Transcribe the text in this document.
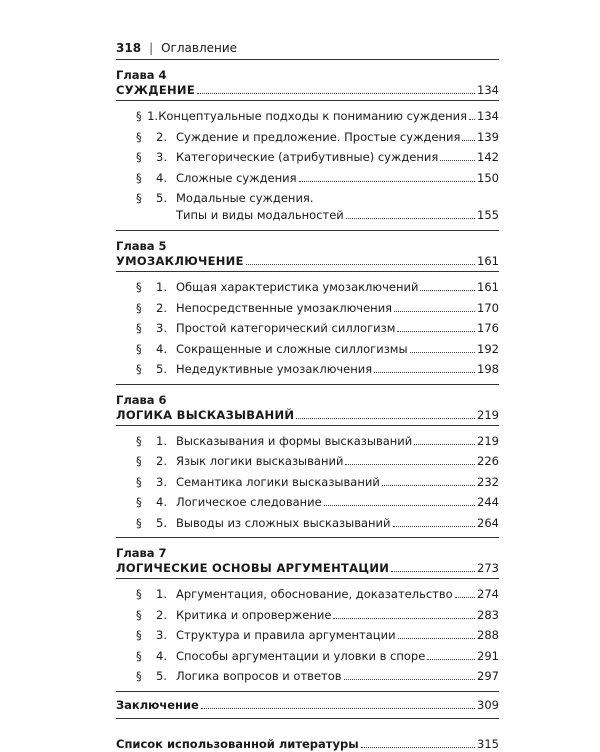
318 | Оглавление
Глава 4
СУЖДЕНИЕ	134
§ 1. Концептуальные подходы к пониманию суждения 134
§	2. Суждение и предложение. Простые суждения 139
§	3. Категорические (атрибутивные) суждения	142
§	4. Сложные суждения	150
§	5. Модальные суждения.
Типы и виды модальностей	155
Глава 5
УМОЗАКЛЮЧЕНИЕ	161
§	1. Общая характеристика умозаключений	161
§	2. Непосредственные умозаключения	170
§	3. Простой категорический силлогизм	176
§	4. Сокращенные и сложные силлогизмы	192
§	5. Недедуктивные умозаключения	198
Глава 6
ЛОГИКА ВЫСКАЗЫВАНИЙ	219
§	1. Высказывания и формы высказываний	219
§	2. Язык логики высказываний	226
§	3. Семантика логики высказываний	232
§	4. Логическое следование	244
§	5. Выводы из сложных высказываний	264
Глава 7
ЛОГИЧЕСКИЕ ОСНОВЫ АРГУМЕНТАЦИИ	273
§	1. Аргументация, обоснование, доказательство 274
§	2. Критика и опровержение	283
§	3. Структура и правила аргументации	288
§	4. Способы аргументации и уловки в споре	291
§	5. Логика вопросов и ответов	297
Заключение	309
Список использованной литературы	315
